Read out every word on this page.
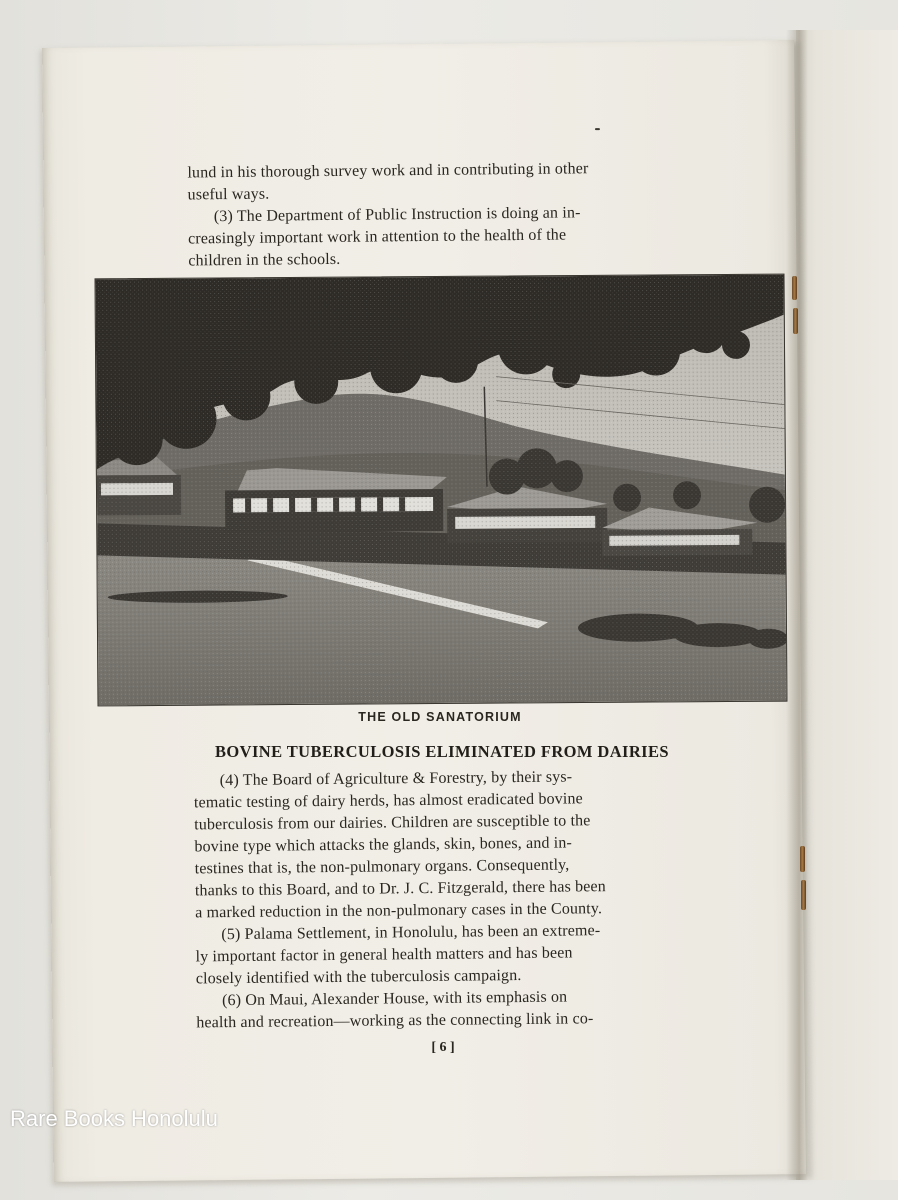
lund in his thorough survey work and in contributing in other
useful ways.
(3) The Department of Public Instruction is doing an in-
creasingly important work in attention to the health of the
children in the schools.
(4) The Board of Agriculture & Forestry, by their sys-
tematic testing of dairy herds, has almost eradicated bovine
tuberculosis from our dairies. Children are susceptible to the
bovine type which attacks the glands, skin, bones, and in-
testines that is, the non-pulmonary organs. Consequently,
thanks to this Board, and to Dr. J. C. Fitzgerald, there has been
a marked reduction in the non-pulmonary cases in the County.
(5) Palama Settlement, in Honolulu, has been an extreme-
ly important factor in general health matters and has been
closely identified with the tuberculosis campaign.
(6) On Maui, Alexander House, with its emphasis on
health and recreation—working as the connecting link in co-
THE OLD SANATORIUM
BOVINE TUBERCULOSIS ELIMINATED FROM DAIRIES
[ 6 ]
Rare Books Honolulu
